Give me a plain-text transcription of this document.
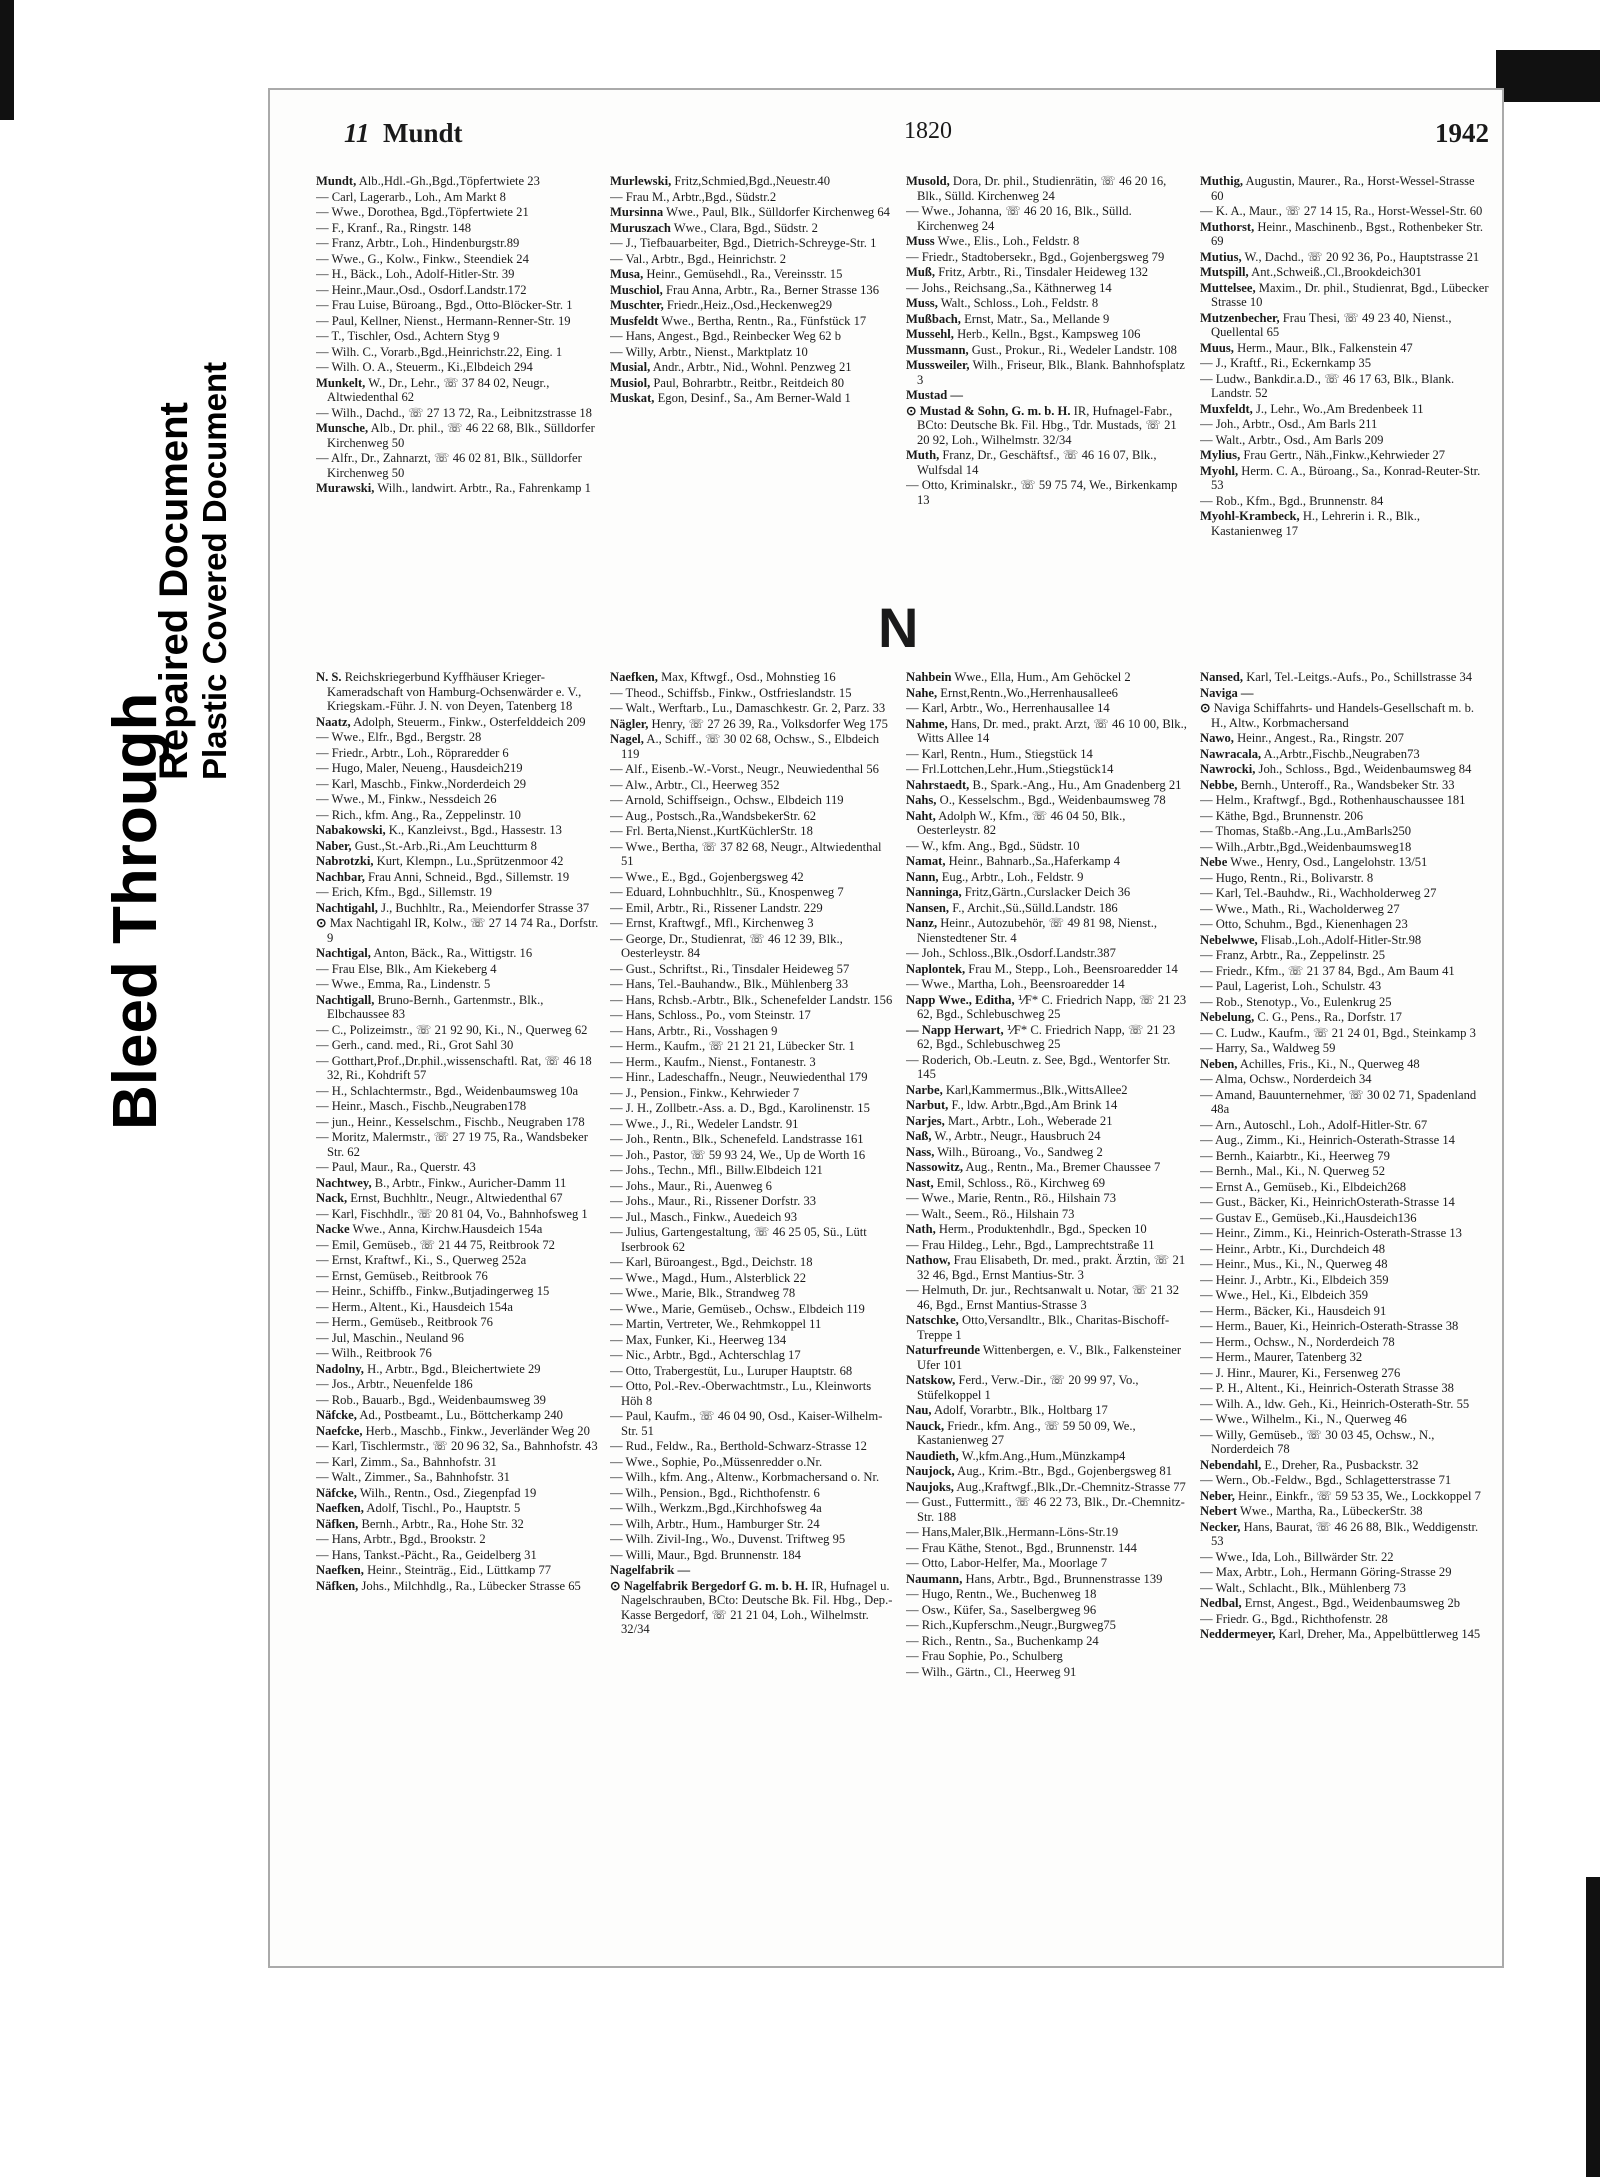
Bleed Through
Repaired Document Plastic Covered Document
11 Mundt	1820	1942

Mundt, Alb.,Hdl.-Gh.,Bgd.,Töpfertwiete 23

— Carl, Lagerarb., Loh., Am Markt 8

— Wwe., Dorothea, Bgd.,Töpfertwiete 21

— F., Kranf., Ra., Ringstr. 148

— Franz, Arbtr., Loh., Hindenburgstr.89

— Wwe., G., Kolw., Finkw., Steendiek 24

— H., Bäck., Loh., Adolf-Hitler-Str. 39

— Heinr.,Maur.,Osd., Osdorf.Landstr.172

— Frau Luise, Büroang., Bgd., Otto-Blöcker-Str. 1

— Paul, Kellner, Nienst., Hermann-Renner-Str. 19

— T., Tischler, Osd., Achtern Styg 9

— Wilh. C., Vorarb.,Bgd.,Heinrichstr.22, Eing. 1

— Wilh. O. A., Steuerm., Ki.,Elbdeich 294

Munkelt, W., Dr., Lehr., ☏ 37 84 02, Neugr., Altwiedenthal 62

— Wilh., Dachd., ☏ 27 13 72, Ra., Leibnitzstrasse 18

Munsche, Alb., Dr. phil., ☏ 46 22 68, Blk., Sülldorfer Kirchenweg 50

— Alfr., Dr., Zahnarzt, ☏ 46 02 81, Blk., Sülldorfer Kirchenweg 50

Murawski, Wilh., landwirt. Arbtr., Ra., Fahrenkamp 1

Murlewski, Fritz,Schmied,Bgd.,Neuestr.40

— Frau M., Arbtr.,Bgd., Südstr.2

Mursinna Wwe., Paul, Blk., Sülldorfer Kirchenweg 64

Muruszach Wwe., Clara, Bgd., Südstr. 2

— J., Tiefbauarbeiter, Bgd., Dietrich-Schreyge-Str. 1

— Val., Arbtr., Bgd., Heinrichstr. 2

Musa, Heinr., Gemüsehdl., Ra., Vereinsstr. 15

Muschiol, Frau Anna, Arbtr., Ra., Berner Strasse 136

Muschter, Friedr.,Heiz.,Osd.,Heckenweg29

Musfeldt Wwe., Bertha, Rentn., Ra., Fünfstück 17

— Hans, Angest., Bgd., Reinbecker Weg 62 b

— Willy, Arbtr., Nienst., Marktplatz 10

Musial, Andr., Arbtr., Nid., Wohnl. Penzweg 21

Musiol, Paul, Bohrarbtr., Reitbr., Reitdeich 80

Muskat, Egon, Desinf., Sa., Am Berner-Wald 1

Musold, Dora, Dr. phil., Studienrätin, ☏ 46 20 16, Blk., Sülld. Kirchenweg 24

— Wwe., Johanna, ☏ 46 20 16, Blk., Sülld. Kirchenweg 24

Muss Wwe., Elis., Loh., Feldstr. 8

— Friedr., Stadtobersekr., Bgd., Gojenbergsweg 79

Muß, Fritz, Arbtr., Ri., Tinsdaler Heideweg 132

— Johs., Reichsang.,Sa., Käthnerweg 14

Muss, Walt., Schloss., Loh., Feldstr. 8

Mußbach, Ernst, Matr., Sa., Mellande 9

Mussehl, Herb., Kelln., Bgst., Kampsweg 106

Mussmann, Gust., Prokur., Ri., Wedeler Landstr. 108

Mussweiler, Wilh., Friseur, Blk., Blank. Bahnhofsplatz 3

Mustad —

⊙ Mustad & Sohn, G. m. b. H. IR, Hufnagel-Fabr., BCto: Deutsche Bk. Fil. Hbg., Tdr. Mustads, ☏ 21 20 92, Loh., Wilhelmstr. 32/34

Muth, Franz, Dr., Geschäftsf., ☏ 46 16 07, Blk., Wulfsdal 14

— Otto, Kriminalskr., ☏ 59 75 74, We., Birkenkamp 13

Muthig, Augustin, Maurer., Ra., Horst-Wessel-Strasse 60

— K. A., Maur., ☏ 27 14 15, Ra., Horst-Wessel-Str. 60

Muthorst, Heinr., Maschinenb., Bgst., Rothenbeker Str. 69

Mutius, W., Dachd., ☏ 20 92 36, Po., Hauptstrasse 21

Mutspill, Ant.,Schweiß.,Cl.,Brookdeich301

Muttelsee, Maxim., Dr. phil., Studienrat, Bgd., Lübecker Strasse 10

Mutzenbecher, Frau Thesi, ☏ 49 23 40, Nienst., Quellental 65

Muus, Herm., Maur., Blk., Falkenstein 47

— J., Kraftf., Ri., Eckernkamp 35

— Ludw., Bankdir.a.D., ☏ 46 17 63, Blk., Blank. Landstr. 52

Muxfeldt, J., Lehr., Wo.,Am Bredenbeek 11

— Joh., Arbtr., Osd., Am Barls 211

— Walt., Arbtr., Osd., Am Barls 209

Mylius, Frau Gertr., Näh.,Finkw.,Kehrwieder 27

Myohl, Herm. C. A., Büroang., Sa., Konrad-Reuter-Str. 53

— Rob., Kfm., Bgd., Brunnenstr. 84

Myohl-Krambeck, H., Lehrerin i. R., Blk., Kastanienweg 17

N

N. S. Reichskriegerbund Kyffhäuser Krieger-Kameradschaft von Hamburg-Ochsenwärder e. V., Kriegskam.-Führ. J. N. von Deyen, Tatenberg 18

Naatz, Adolph, Steuerm., Finkw., Osterfelddeich 209

— Wwe., Elfr., Bgd., Bergstr. 28

— Friedr., Arbtr., Loh., Röpraredder 6

— Hugo, Maler, Neueng., Hausdeich219

— Karl, Maschb., Finkw.,Norderdeich 29

— Wwe., M., Finkw., Nessdeich 26

— Rich., kfm. Ang., Ra., Zeppelinstr. 10

Nabakowski, K., Kanzleivst., Bgd., Hassestr. 13

Naber, Gust.,St.-Arb.,Ri.,Am Leuchtturm 8

Nabrotzki, Kurt, Klempn., Lu.,Sprützenmoor 42

Nachbar, Frau Anni, Schneid., Bgd., Sillemstr. 19

— Erich, Kfm., Bgd., Sillemstr. 19

Nachtigahl, J., Buchhltr., Ra., Meiendorfer Strasse 37

⊙ Max Nachtigahl IR, Kolw., ☏ 27 14 74 Ra., Dorfstr. 9

Nachtigal, Anton, Bäck., Ra., Wittigstr. 16

— Frau Else, Blk., Am Kiekeberg 4

— Wwe., Emma, Ra., Lindenstr. 5

Nachtigall, Bruno-Bernh., Gartenmstr., Blk., Elbchaussee 83

— C., Polizeimstr., ☏ 21 92 90, Ki., N., Querweg 62

— Gerh., cand. med., Ri., Grot Sahl 30

— Gotthart,Prof.,Dr.phil.,wissenschaftl. Rat, ☏ 46 18 32, Ri., Kohdrift 57

— H., Schlachtermstr., Bgd., Weidenbaumsweg 10a

— Heinr., Masch., Fischb.,Neugraben178

— jun., Heinr., Kesselschm., Fischb., Neugraben 178

— Moritz, Malermstr., ☏ 27 19 75, Ra., Wandsbeker Str. 62

— Paul, Maur., Ra., Querstr. 43

Nachtwey, B., Arbtr., Finkw., Auricher-Damm 11

Nack, Ernst, Buchhltr., Neugr., Altwiedenthal 67

— Karl, Fischhdlr., ☏ 20 81 04, Vo., Bahnhofsweg 1

Nacke Wwe., Anna, Kirchw.Hausdeich 154a

— Emil, Gemüseb., ☏ 21 44 75, Reitbrook 72

— Ernst, Kraftwf., Ki., S., Querweg 252a

— Ernst, Gemüseb., Reitbrook 76

— Heinr., Schiffb., Finkw.,Butjadingerweg 15

— Herm., Altent., Ki., Hausdeich 154a

— Herm., Gemüseb., Reitbrook 76

— Jul, Maschin., Neuland 96

— Wilh., Reitbrook 76

Nadolny, H., Arbtr., Bgd., Bleichertwiete 29

— Jos., Arbtr., Neuenfelde 186

— Rob., Bauarb., Bgd., Weidenbaumsweg 39

Näfcke, Ad., Postbeamt., Lu., Böttcherkamp 240

Naefcke, Herb., Maschb., Finkw., Jeverländer Weg 20

— Karl, Tischlermstr., ☏ 20 96 32, Sa., Bahnhofstr. 43

— Karl, Zimm., Sa., Bahnhofstr. 31

— Walt., Zimmer., Sa., Bahnhofstr. 31

Näfcke, Wilh., Rentn., Osd., Ziegenpfad 19

Naefken, Adolf, Tischl., Po., Hauptstr. 5

Näfken, Bernh., Arbtr., Ra., Hohe Str. 32

— Hans, Arbtr., Bgd., Brookstr. 2

— Hans, Tankst.-Pächt., Ra., Geidelberg 31

Naefken, Heinr., Steinträg., Eid., Lüttkamp 77

Näfken, Johs., Milchhdlg., Ra., Lübecker Strasse 65

Naefken, Max, Kftwgf., Osd., Mohnstieg 16

— Theod., Schiffsb., Finkw., Ostfrieslandstr. 15

— Walt., Werftarb., Lu., Damaschkestr. Gr. 2, Parz. 33

Nägler, Henry, ☏ 27 26 39, Ra., Volksdorfer Weg 175

Nagel, A., Schiff., ☏ 30 02 68, Ochsw., S., Elbdeich 119

— Alf., Eisenb.-W.-Vorst., Neugr., Neuwiedenthal 56

— Alw., Arbtr., Cl., Heerweg 352

— Arnold, Schiffseign., Ochsw., Elbdeich 119

— Aug., Postsch.,Ra.,WandsbekerStr. 62

— Frl. Berta,Nienst.,KurtKüchlerStr. 18

— Wwe., Bertha, ☏ 37 82 68, Neugr., Altwiedenthal 51

— Wwe., E., Bgd., Gojenbergsweg 42

— Eduard, Lohnbuchhltr., Sü., Knospenweg 7

— Emil, Arbtr., Ri., Rissener Landstr. 229

— Ernst, Kraftwgf., Mfl., Kirchenweg 3

— George, Dr., Studienrat, ☏ 46 12 39, Blk., Oesterleystr. 84

— Gust., Schriftst., Ri., Tinsdaler Heideweg 57

— Hans, Tel.-Bauhandw., Blk., Mühlenberg 33

— Hans, Rchsb.-Arbtr., Blk., Schenefelder Landstr. 156

— Hans, Schloss., Po., vom Steinstr. 17

— Hans, Arbtr., Ri., Vosshagen 9

— Herm., Kaufm., ☏ 21 21 21, Lübecker Str. 1

— Herm., Kaufm., Nienst., Fontanestr. 3

— Hinr., Ladeschaffn., Neugr., Neuwiedenthal 179

— J., Pension., Finkw., Kehrwieder 7

— J. H., Zollbetr.-Ass. a. D., Bgd., Karolinenstr. 15

— Wwe., J., Ri., Wedeler Landstr. 91

— Joh., Rentn., Blk., Schenefeld. Landstrasse 161

— Joh., Pastor, ☏ 59 93 24, We., Up de Worth 16

— Johs., Techn., Mfl., Billw.Elbdeich 121

— Johs., Maur., Ri., Auenweg 6

— Johs., Maur., Ri., Rissener Dorfstr. 33

— Jul., Masch., Finkw., Auedeich 93

— Julius, Gartengestaltung, ☏ 46 25 05, Sü., Lütt Iserbrook 62

— Karl, Büroangest., Bgd., Deichstr. 18

— Wwe., Magd., Hum., Alsterblick 22

— Wwe., Marie, Blk., Strandweg 78

— Wwe., Marie, Gemüseb., Ochsw., Elbdeich 119

— Martin, Vertreter, We., Rehmkoppel 11

— Max, Funker, Ki., Heerweg 134

— Nic., Arbtr., Bgd., Achterschlag 17

— Otto, Trabergestüt, Lu., Luruper Hauptstr. 68

— Otto, Pol.-Rev.-Oberwachtmstr., Lu., Kleinworts Höh 8

— Paul, Kaufm., ☏ 46 04 90, Osd., Kaiser-Wilhelm-Str. 51

— Rud., Feldw., Ra., Berthold-Schwarz-Strasse 12

— Wwe., Sophie, Po.,Müssenredder o.Nr.

— Wilh., kfm. Ang., Altenw., Korbmachersand o. Nr.

— Wilh., Pension., Bgd., Richthofenstr. 6

— Wilh., Werkzm.,Bgd.,Kirchhofsweg 4a

— Wilh, Arbtr., Hum., Hamburger Str. 24

— Wilh. Zivil-Ing., Wo., Duvenst. Triftweg 95

— Willi, Maur., Bgd. Brunnenstr. 184

Nagelfabrik —

⊙ Nagelfabrik Bergedorf G. m. b. H. IR, Hufnagel u. Nagelschrauben, BCto: Deutsche Bk. Fil. Hbg., Dep.-Kasse Bergedorf, ☏ 21 21 04, Loh., Wilhelmstr. 32/34

Nahbein Wwe., Ella, Hum., Am Gehöckel 2

Nahe, Ernst,Rentn.,Wo.,Herrenhausallee6

— Karl, Arbtr., Wo., Herrenhausallee 14

Nahme, Hans, Dr. med., prakt. Arzt, ☏ 46 10 00, Blk., Witts Allee 14

— Karl, Rentn., Hum., Stiegstück 14

— Frl.Lottchen,Lehr.,Hum.,Stiegstück14

Nahrstaedt, B., Spark.-Ang., Hu., Am Gnadenberg 21

Nahs, O., Kesselschm., Bgd., Weidenbaumsweg 78

Naht, Adolph W., Kfm., ☏ 46 04 50, Blk., Oesterleystr. 82

— W., kfm. Ang., Bgd., Südstr. 10

Namat, Heinr., Bahnarb.,Sa.,Haferkamp 4

Nann, Eug., Arbtr., Loh., Feldstr. 9

Nanninga, Fritz,Gärtn.,Curslacker Deich 36

Nansen, F., Archit.,Sü.,Sülld.Landstr. 186

Nanz, Heinr., Autozubehör, ☏ 49 81 98, Nienst., Nienstedtener Str. 4

— Joh., Schloss.,Blk.,Osdorf.Landstr.387

Naplontek, Frau M., Stepp., Loh., Beensroaredder 14

— Wwe., Martha, Loh., Beensroaredder 14

Napp Wwe., Editha, ⅟F* C. Friedrich Napp, ☏ 21 23 62, Bgd., Schlebuschweg 25

— Napp Herwart, ⅟F* C. Friedrich Napp, ☏ 21 23 62, Bgd., Schlebuschweg 25

— Roderich, Ob.-Leutn. z. See, Bgd., Wentorfer Str. 145

Narbe, Karl,Kammermus.,Blk.,WittsAllee2

Narbut, F., ldw. Arbtr.,Bgd.,Am Brink 14

Narjes, Mart., Arbtr., Loh., Weberade 21

Naß, W., Arbtr., Neugr., Hausbruch 24

Nass, Wilh., Büroang., Vo., Sandweg 2

Nassowitz, Aug., Rentn., Ma., Bremer Chaussee 7

Nast, Emil, Schloss., Rö., Kirchweg 69

— Wwe., Marie, Rentn., Rö., Hilshain 73

— Walt., Seem., Rö., Hilshain 73

Nath, Herm., Produktenhdlr., Bgd., Specken 10

— Frau Hildeg., Lehr., Bgd., Lamprechtstraße 11

Nathow, Frau Elisabeth, Dr. med., prakt. Ärztin, ☏ 21 32 46, Bgd., Ernst Mantius-Str. 3

— Helmuth, Dr. jur., Rechtsanwalt u. Notar, ☏ 21 32 46, Bgd., Ernst Mantius-Strasse 3

Natschke, Otto,Versandltr., Blk., Charitas-Bischoff-Treppe 1

Naturfreunde Wittenbergen, e. V., Blk., Falkensteiner Ufer 101

Natskow, Ferd., Verw.-Dir., ☏ 20 99 97, Vo., Stüfelkoppel 1

Nau, Adolf, Vorarbtr., Blk., Holtbarg 17

Nauck, Friedr., kfm. Ang., ☏ 59 50 09, We., Kastanienweg 27

Naudieth, W.,kfm.Ang.,Hum.,Münzkamp4

Naujock, Aug., Krim.-Btr., Bgd., Gojenbergsweg 81

Naujoks, Aug.,Kraftwgf.,Blk.,Dr.-Chemnitz-Strasse 77

— Gust., Futtermitt., ☏ 46 22 73, Blk., Dr.-Chemnitz-Str. 188

— Hans,Maler,Blk.,Hermann-Löns-Str.19

— Frau Käthe, Stenot., Bgd., Brunnenstr. 144

— Otto, Labor-Helfer, Ma., Moorlage 7

Naumann, Hans, Arbtr., Bgd., Brunnenstrasse 139

— Hugo, Rentn., We., Buchenweg 18

— Osw., Küfer, Sa., Saselbergweg 96

— Rich.,Kupferschm.,Neugr.,Burgweg75

— Rich., Rentn., Sa., Buchenkamp 24

— Frau Sophie, Po., Schulberg

— Wilh., Gärtn., Cl., Heerweg 91

Nansed, Karl, Tel.-Leitgs.-Aufs., Po., Schillstrasse 34

Naviga —

⊙ Naviga Schiffahrts- und Handels-Gesellschaft m. b. H., Altw., Korbmachersand

Nawo, Heinr., Angest., Ra., Ringstr. 207

Nawracala, A.,Arbtr.,Fischb.,Neugraben73

Nawrocki, Joh., Schloss., Bgd., Weidenbaumsweg 84

Nebbe, Bernh., Unteroff., Ra., Wandsbeker Str. 33

— Helm., Kraftwgf., Bgd., Rothenhauschaussee 181

— Käthe, Bgd., Brunnenstr. 206

— Thomas, Staßb.-Ang.,Lu.,AmBarls250

— Wilh.,Arbtr.,Bgd.,Weidenbaumsweg18

Nebe Wwe., Henry, Osd., Langelohstr. 13/51

— Hugo, Rentn., Ri., Bolivarstr. 8

— Karl, Tel.-Bauhdw., Ri., Wachholderweg 27

— Wwe., Math., Ri., Wacholderweg 27

— Otto, Schuhm., Bgd., Kienenhagen 23

Nebelwwe, Flisab.,Loh.,Adolf-Hitler-Str.98

— Franz, Arbtr., Ra., Zeppelinstr. 25

— Friedr., Kfm., ☏ 21 37 84, Bgd., Am Baum 41

— Paul, Lagerist, Loh., Schulstr. 43

— Rob., Stenotyp., Vo., Eulenkrug 25

Nebelung, C. G., Pens., Ra., Dorfstr. 17

— C. Ludw., Kaufm., ☏ 21 24 01, Bgd., Steinkamp 3

— Harry, Sa., Waldweg 59

Neben, Achilles, Fris., Ki., N., Querweg 48

— Alma, Ochsw., Norderdeich 34

— Amand, Bauunternehmer, ☏ 30 02 71, Spadenland 48a

— Arn., Autoschl., Loh., Adolf-Hitler-Str. 67

— Aug., Zimm., Ki., Heinrich-Osterath-Strasse 14

— Bernh., Kaiarbtr., Ki., Heerweg 79

— Bernh., Mal., Ki., N. Querweg 52

— Ernst A., Gemüseb., Ki., Elbdeich268

— Gust., Bäcker, Ki., HeinrichOsterath-Strasse 14

— Gustav E., Gemüseb.,Ki.,Hausdeich136

— Heinr., Zimm., Ki., Heinrich-Osterath-Strasse 13

— Heinr., Arbtr., Ki., Durchdeich 48

— Heinr., Mus., Ki., N., Querweg 48

— Heinr. J., Arbtr., Ki., Elbdeich 359

— Wwe., Hel., Ki., Elbdeich 359

— Herm., Bäcker, Ki., Hausdeich 91

— Herm., Bauer, Ki., Heinrich-Osterath-Strasse 38

— Herm., Ochsw., N., Norderdeich 78

— Herm., Maurer, Tatenberg 32

— J. Hinr., Maurer, Ki., Fersenweg 276

— P. H., Altent., Ki., Heinrich-Osterath Strasse 38

— Wilh. A., ldw. Geh., Ki., Heinrich-Osterath-Str. 55

— Wwe., Wilhelm., Ki., N., Querweg 46

— Willy, Gemüseb., ☏ 30 03 45, Ochsw., N., Norderdeich 78

Nebendahl, E., Dreher, Ra., Pusbackstr. 32

— Wern., Ob.-Feldw., Bgd., Schlagetterstrasse 71

Neber, Heinr., Einkfr., ☏ 59 53 35, We., Lockkoppel 7

Nebert Wwe., Martha, Ra., LübeckerStr. 38

Necker, Hans, Baurat, ☏ 46 26 88, Blk., Weddigenstr. 53

— Wwe., Ida, Loh., Billwärder Str. 22

— Max, Arbtr., Loh., Hermann Göring-Strasse 29

— Walt., Schlacht., Blk., Mühlenberg 73

Nedbal, Ernst, Angest., Bgd., Weidenbaumsweg 2b

— Friedr. G., Bgd., Richthofenstr. 28

Neddermeyer, Karl, Dreher, Ma., Appelbüttlerweg 145
